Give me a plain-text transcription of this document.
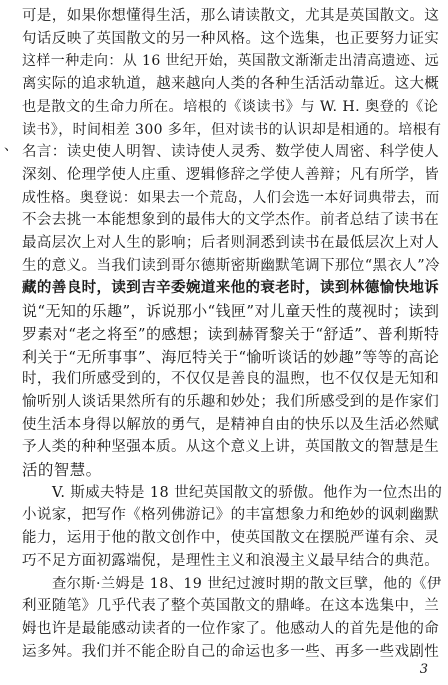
、
可是，如果你想懂得生活，那么请读散文，尤其是英国散文。这
句话反映了英国散文的另一种风格。这个选集，也正要努力证实
这样一种走向：从 16 世纪开始，英国散文渐渐走出清高遗迹、远
离实际的追求轨道，越来越向人类的各种生活活动靠近。这大概
也是散文的生命力所在。培根的《谈读书》与 W. H. 奥登的《论
读书》，时间相差 300 多年，但对读书的认识却是相通的。培根有
名言：读史使人明智、读诗使人灵秀、数学使人周密、科学使人
深刻、伦理学使人庄重、逻辑修辞之学使人善辩；凡有所学，皆
成性格。奥登说：如果去一个荒岛，人们会选一本好词典带去，而
不会去挑一本能想象到的最伟大的文学杰作。前者总结了读书在
最高层次上对人生的影响；后者则洞悉到读书在最低层次上对人
生的意义。当我们读到哥尔德斯密斯幽默笔调下那位“黑衣人”冷
藏的善良时，读到吉辛委婉道来他的衰老时，读到林德愉快地诉
说“无知的乐趣”，诉说那小“钱匣”对儿童天性的蔑视时；读到
罗素对“老之将至”的感想；读到赫胥黎关于“舒适”、普利斯特
利关于“无所事事”、海厄特关于“愉听谈话的妙趣”等等的高论
时，我们所感受到的，不仅仅是善良的温煦，也不仅仅是无知和
愉听别人谈话果然所有的乐趣和妙处；我们所感受到的是作家们
使生活本身得以解放的勇气，是精神自由的快乐以及生活必然赋
予人类的种种坚强本质。从这个意义上讲，英国散文的智慧是生
活的智慧。
V. 斯威夫特是 18 世纪英国散文的骄傲。他作为一位杰出的
小说家，把写作《格列佛游记》的丰富想象力和绝妙的讽刺幽默
能力，运用于他的散文创作中，使英国散文在摆脱严谨有余、灵
巧不足方面初露端倪，是理性主义和浪漫主义最早结合的典范。
3
查尔斯·兰姆是 18、19 世纪过渡时期的散文巨擘，他的《伊
利亚随笔》几乎代表了整个英国散文的鼎峰。在这本选集中，兰
姆也许是最能感动读者的一位作家了。他感动人的首先是他的命
运多舛。我们并不能企盼自己的命运也多一些、再多一些戏剧性
